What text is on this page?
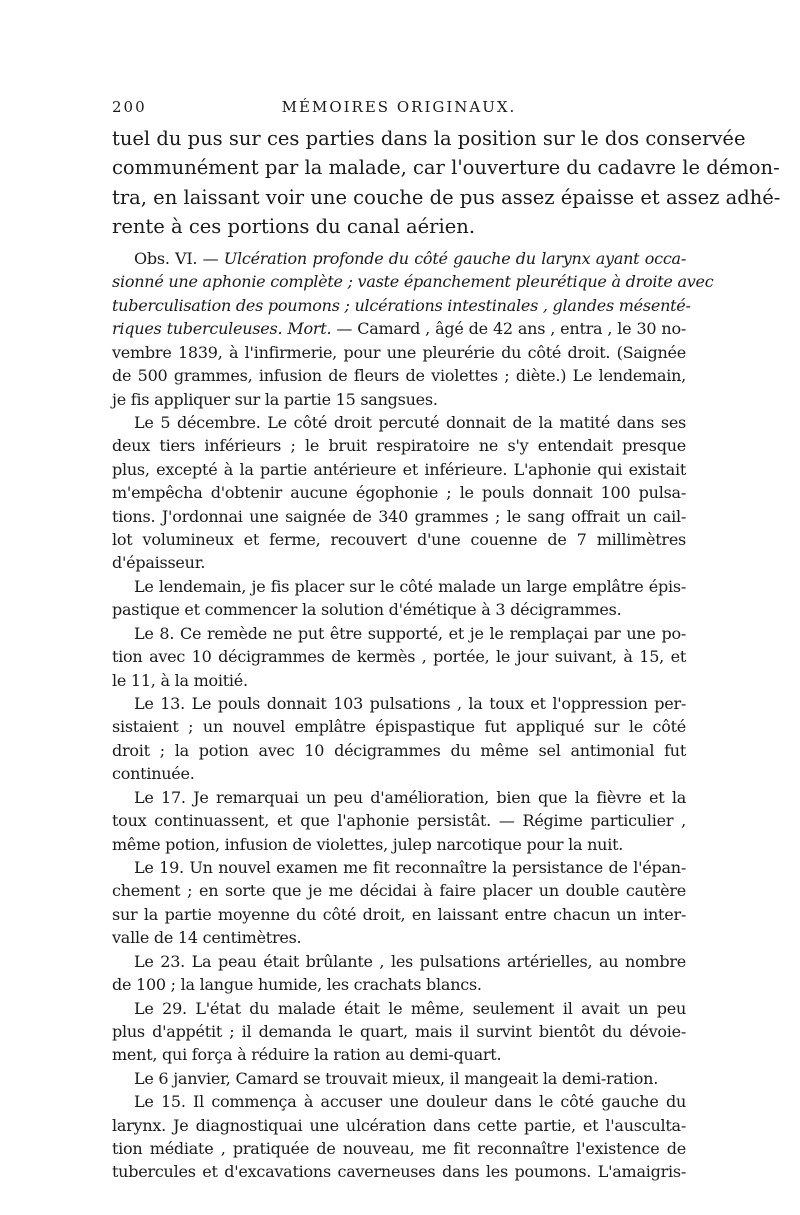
200	MÉMOIRES ORIGINAUX.
tuel du pus sur ces parties dans la position sur le dos conservée
communément par la malade, car l'ouverture du cadavre le démon-
tra, en laissant voir une couche de pus assez épaisse et assez adhé-
rente à ces portions du canal aérien.
Obs. VI. — Ulcération profonde du côté gauche du larynx ayant occa-
sionné une aphonie complète ; vaste épanchement pleurétique à droite avec
tuberculisation des poumons ; ulcérations intestinales , glandes mésenté-
riques tuberculeuses. Mort. — Camard , âgé de 42 ans , entra , le 30 no-
vembre 1839, à l'infirmerie, pour une pleurérie du côté droit. (Saignée
de 500 grammes, infusion de fleurs de violettes ; diète.) Le lendemain,
je fis appliquer sur la partie 15 sangsues.
Le 5 décembre. Le côté droit percuté donnait de la matité dans ses
deux tiers inférieurs ; le bruit respiratoire ne s'y entendait presque
plus, excepté à la partie antérieure et inférieure. L'aphonie qui existait
m'empêcha d'obtenir aucune égophonie ; le pouls donnait 100 pulsa-
tions. J'ordonnai une saignée de 340 grammes ; le sang offrait un cail-
lot volumineux et ferme, recouvert d'une couenne de 7 millimètres
d'épaisseur.
Le lendemain, je fis placer sur le côté malade un large emplâtre épis-
pastique et commencer la solution d'émétique à 3 décigrammes.
Le 8. Ce remède ne put être supporté, et je le remplaçai par une po-
tion avec 10 décigrammes de kermès , portée, le jour suivant, à 15, et
le 11, à la moitié.
Le 13. Le pouls donnait 103 pulsations , la toux et l'oppression per-
sistaient ; un nouvel emplâtre épispastique fut appliqué sur le côté
droit ; la potion avec 10 décigrammes du même sel antimonial fut
continuée.
Le 17. Je remarquai un peu d'amélioration, bien que la fièvre et la
toux continuassent, et que l'aphonie persistât. — Régime particulier ,
même potion, infusion de violettes, julep narcotique pour la nuit.
Le 19. Un nouvel examen me fit reconnaître la persistance de l'épan-
chement ; en sorte que je me décidai à faire placer un double cautère
sur la partie moyenne du côté droit, en laissant entre chacun un inter-
valle de 14 centimètres.
Le 23. La peau était brûlante , les pulsations artérielles, au nombre
de 100 ; la langue humide, les crachats blancs.
Le 29. L'état du malade était le même, seulement il avait un peu
plus d'appétit ; il demanda le quart, mais il survint bientôt du dévoie-
ment, qui força à réduire la ration au demi-quart.
Le 6 janvier, Camard se trouvait mieux, il mangeait la demi-ration.
Le 15. Il commença à accuser une douleur dans le côté gauche du
larynx. Je diagnostiquai une ulcération dans cette partie, et l'ausculta-
tion médiate , pratiquée de nouveau, me fit reconnaître l'existence de
tubercules et d'excavations caverneuses dans les poumons. L'amaigris-
